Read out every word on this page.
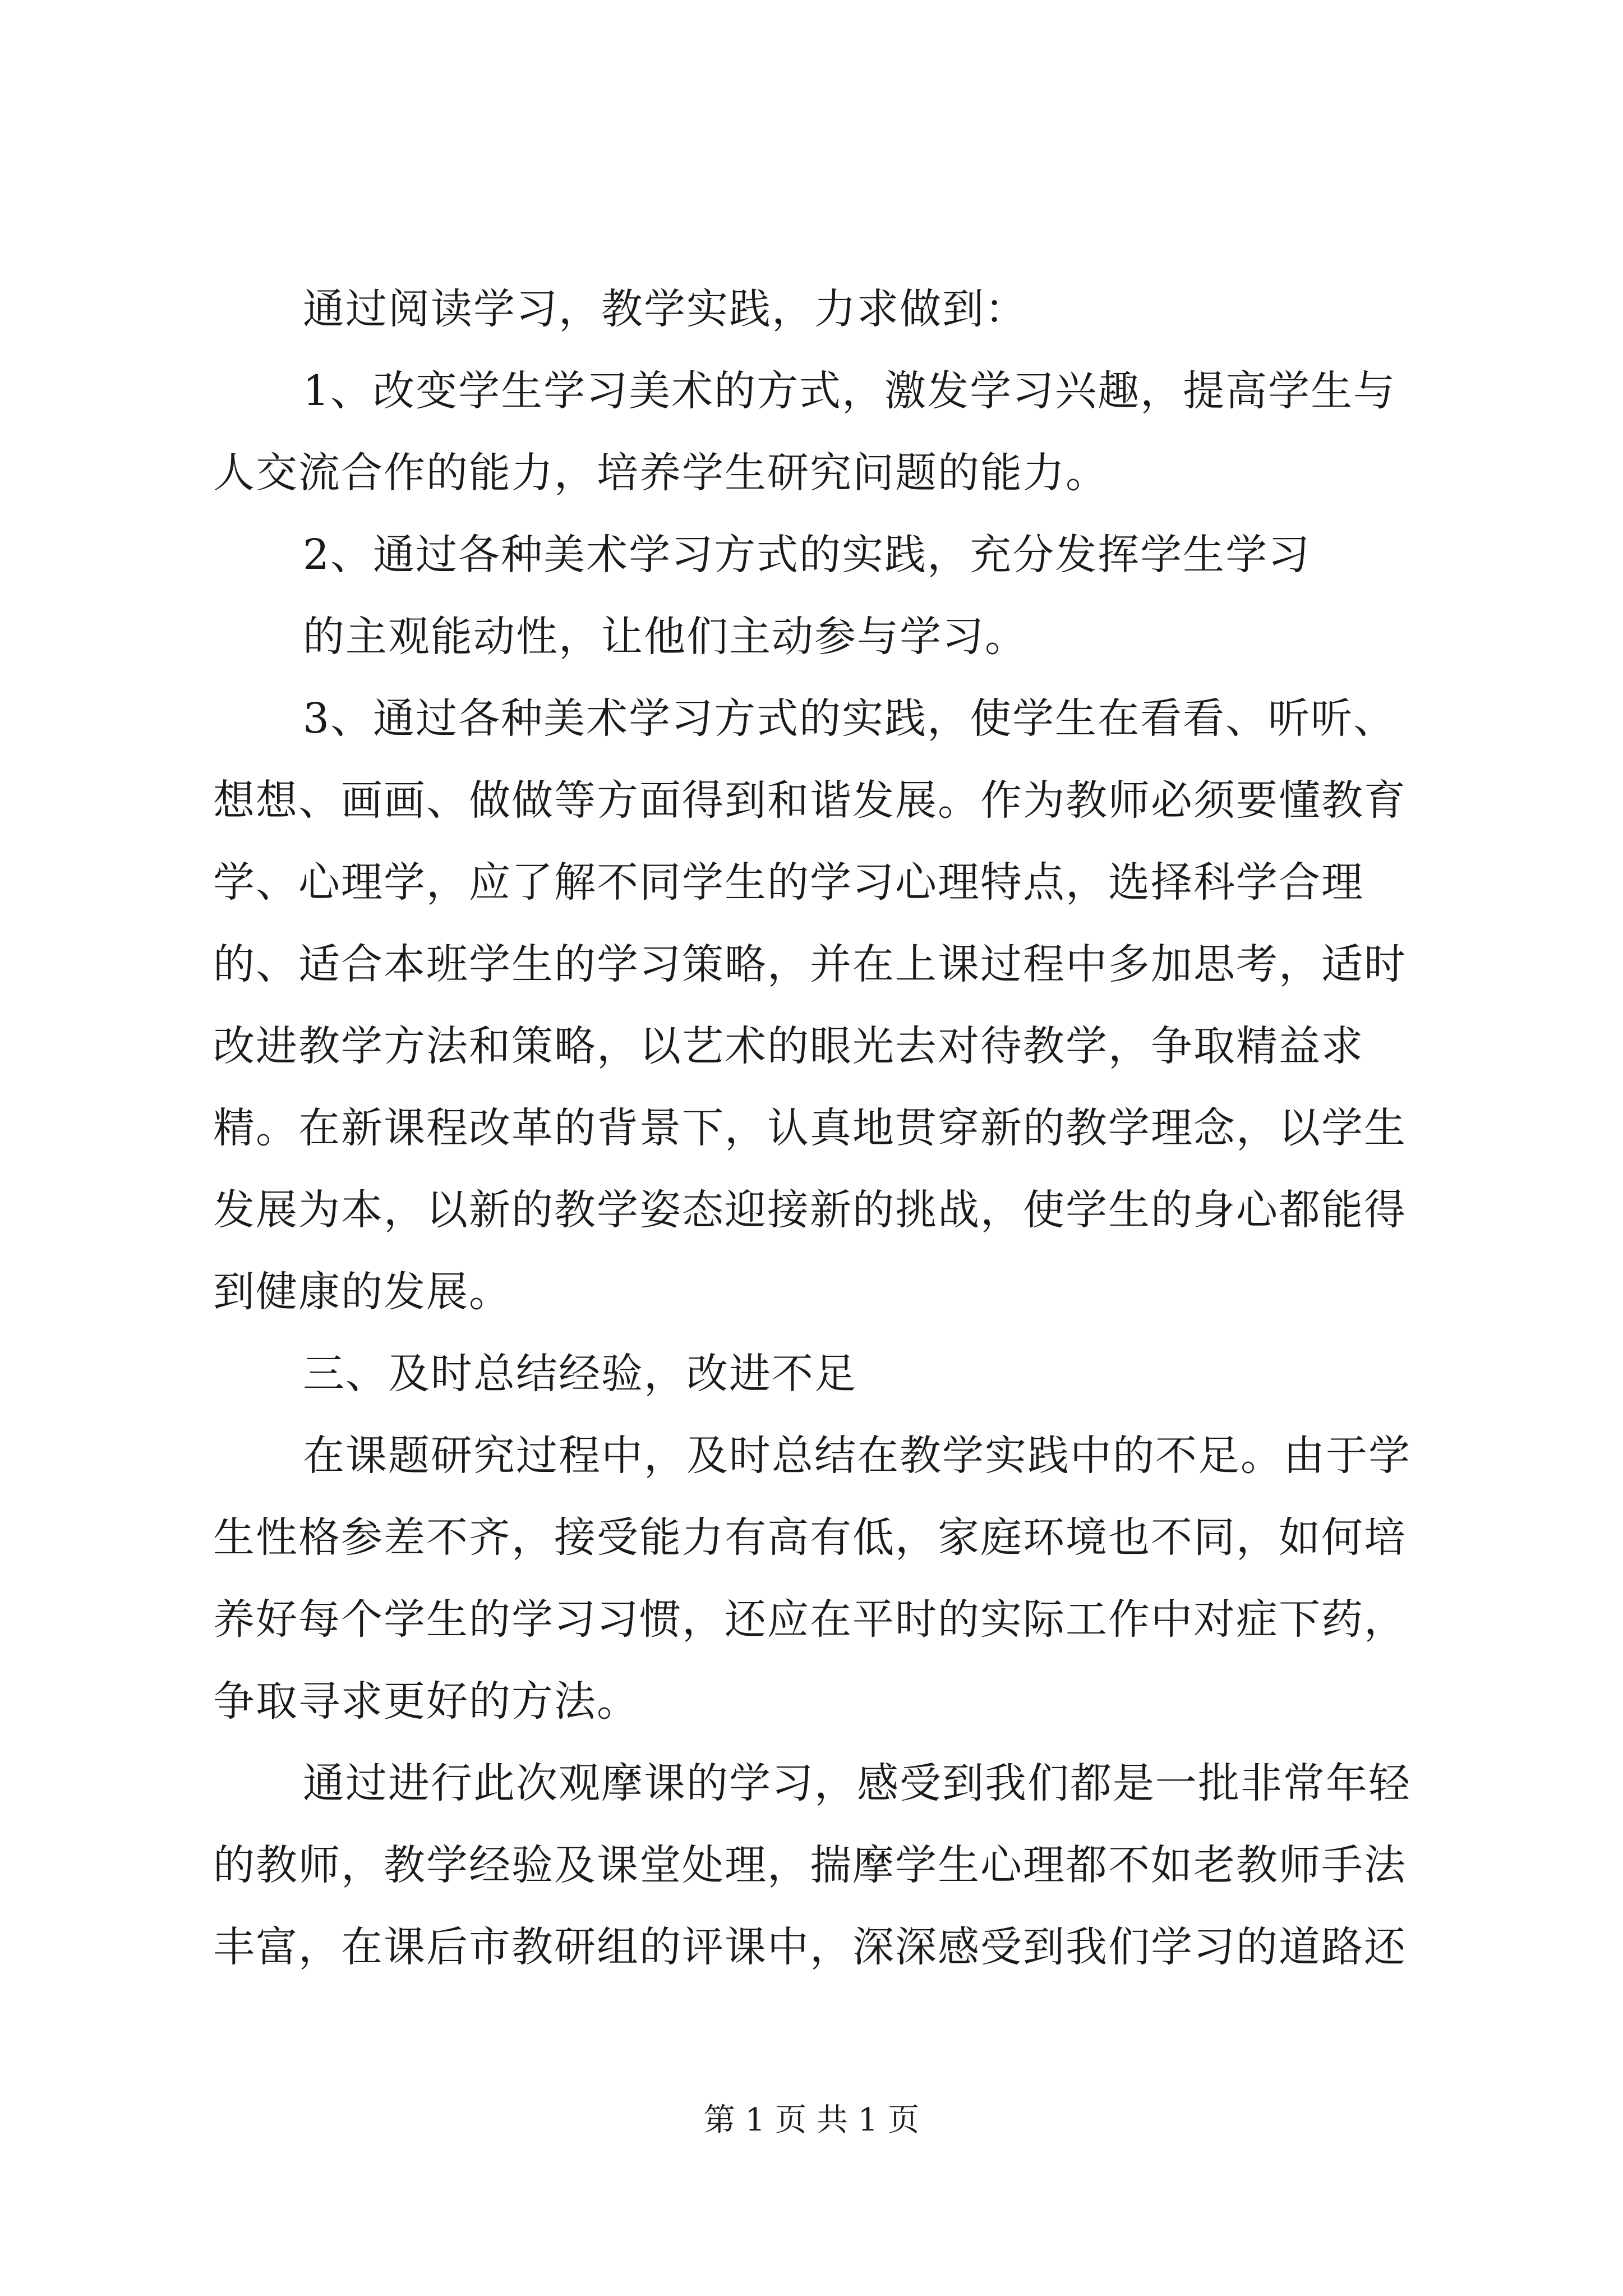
通过阅读学习，教学实践，力求做到：

1、改变学生学习美术的方式，激发学习兴趣，提高学生与人交流合作的能力，培养学生研究问题的能力。

2、通过各种美术学习方式的实践，充分发挥学生学习

的主观能动性，让他们主动参与学习。

3、通过各种美术学习方式的实践，使学生在看看、听听、想想、画画、做做等方面得到和谐发展。作为教师必须要懂教育学、心理学，应了解不同学生的学习心理特点，选择科学合理的、适合本班学生的学习策略，并在上课过程中多加思考，适时改进教学方法和策略，以艺术的眼光去对待教学，争取精益求精。在新课程改革的背景下，认真地贯穿新的教学理念，以学生发展为本，以新的教学姿态迎接新的挑战，使学生的身心都能得到健康的发展。

三、及时总结经验，改进不足

在课题研究过程中，及时总结在教学实践中的不足。由于学生性格参差不齐，接受能力有高有低，家庭环境也不同，如何培养好每个学生的学习习惯，还应在平时的实际工作中对症下药，争取寻求更好的方法。

通过进行此次观摩课的学习，感受到我们都是一批非常年轻的教师，教学经验及课堂处理，揣摩学生心理都不如老教师手法丰富，在课后市教研组的评课中，深深感受到我们学习的道路还

第 1 页 共 1 页
